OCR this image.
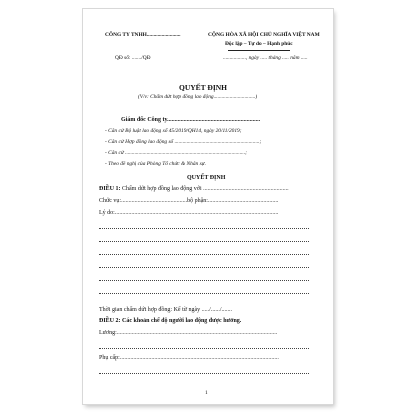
CÔNG TY TNHH.........................
QĐ số: ......./QĐ
CỘNG HÒA XÃ HỘI CHỦ NGHĨA VIỆT NAM
Độc lập – Tự do – Hạnh phúc
................., ngày ..... tháng ..... năm .....
QUYẾT ĐỊNH
(V/v: Chấm dứt hợp đồng lao động...............................)
Giám đốc Công ty..............................................................
- Căn cứ Bộ luật lao động số 45/2019/QH14, ngày 20/11/2019;
- Căn cứ Hợp đồng lao động số ...............................................................;
- Căn cứ .........................................................................................;
- Theo đề nghị của Phòng Tổ chức & Nhân sự.
QUYẾT ĐỊNH
ĐIỀU 1: Chấm dứt hợp đồng lao động với .........................................................
Chức vụ:............................................bộ phận:...............................................
Lý do:.............................................................................................................
Thời gian chấm dứt hợp đồng: Kể từ ngày ...../....../.......
ĐIỀU 2: Các khoản chế độ người lao động được hưởng.
Lương:...........................................................................................................
Phụ cấp:..........................................................................................................
1
